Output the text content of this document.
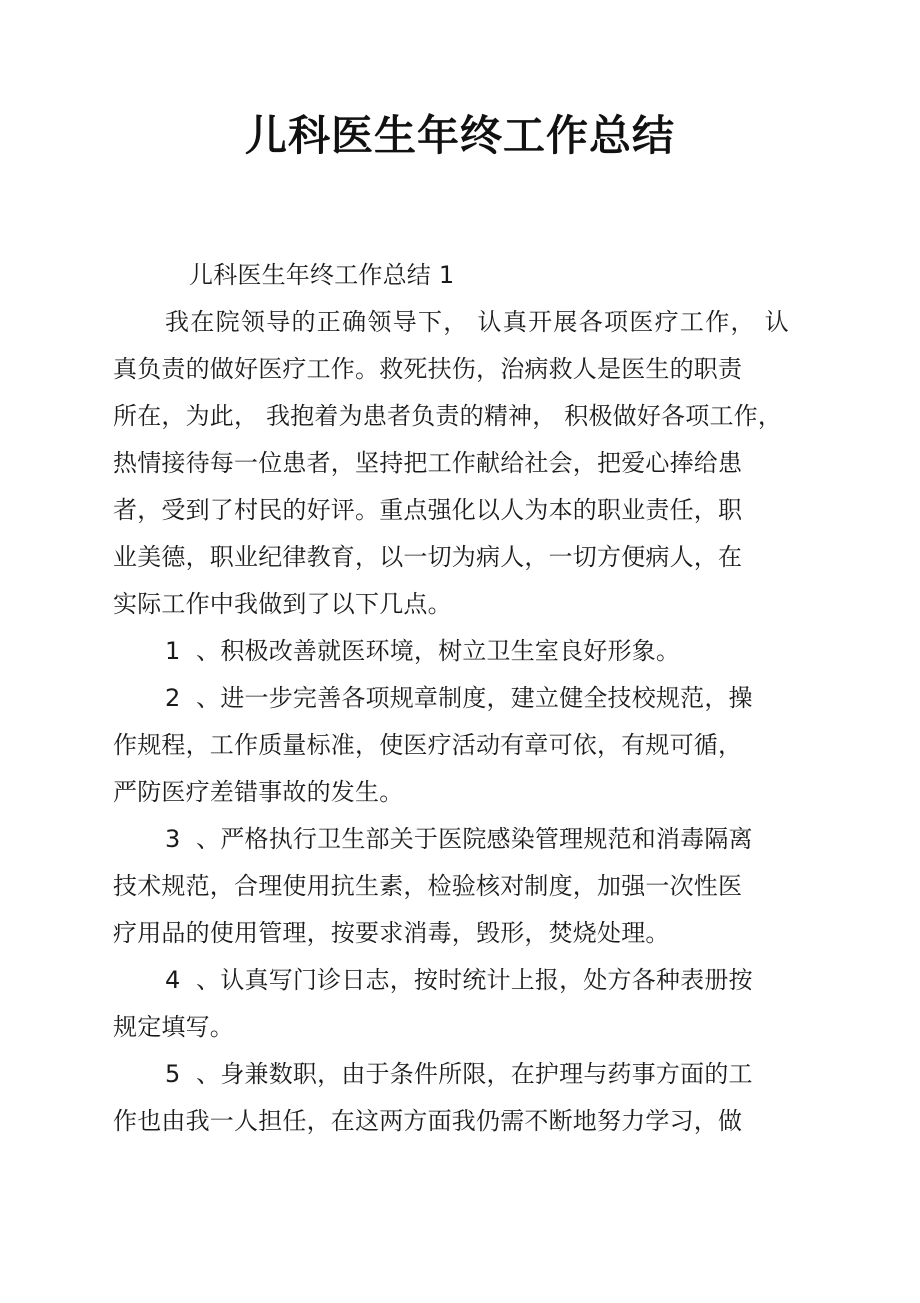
儿科医生年终工作总结
儿科医生年终工作总结 1
我在院领导的正确领导下， 认真开展各项医疗工作， 认
真负责的做好医疗工作。救死扶伤，治病救人是医生的职责
所在，为此， 我抱着为患者负责的精神， 积极做好各项工作，
热情接待每一位患者，坚持把工作献给社会，把爱心捧给患
者，受到了村民的好评。重点强化以人为本的职业责任，职
业美德，职业纪律教育，以一切为病人，一切方便病人，在
实际工作中我做到了以下几点。
1  、积极改善就医环境，树立卫生室良好形象。
2  、进一步完善各项规章制度，建立健全技校规范，操
作规程，工作质量标准，使医疗活动有章可依，有规可循，
严防医疗差错事故的发生。
3  、严格执行卫生部关于医院感染管理规范和消毒隔离
技术规范，合理使用抗生素，检验核对制度，加强一次性医
疗用品的使用管理，按要求消毒，毁形，焚烧处理。
4  、认真写门诊日志，按时统计上报，处方各种表册按
规定填写。
5  、身兼数职，由于条件所限，在护理与药事方面的工
作也由我一人担任，在这两方面我仍需不断地努力学习，做
